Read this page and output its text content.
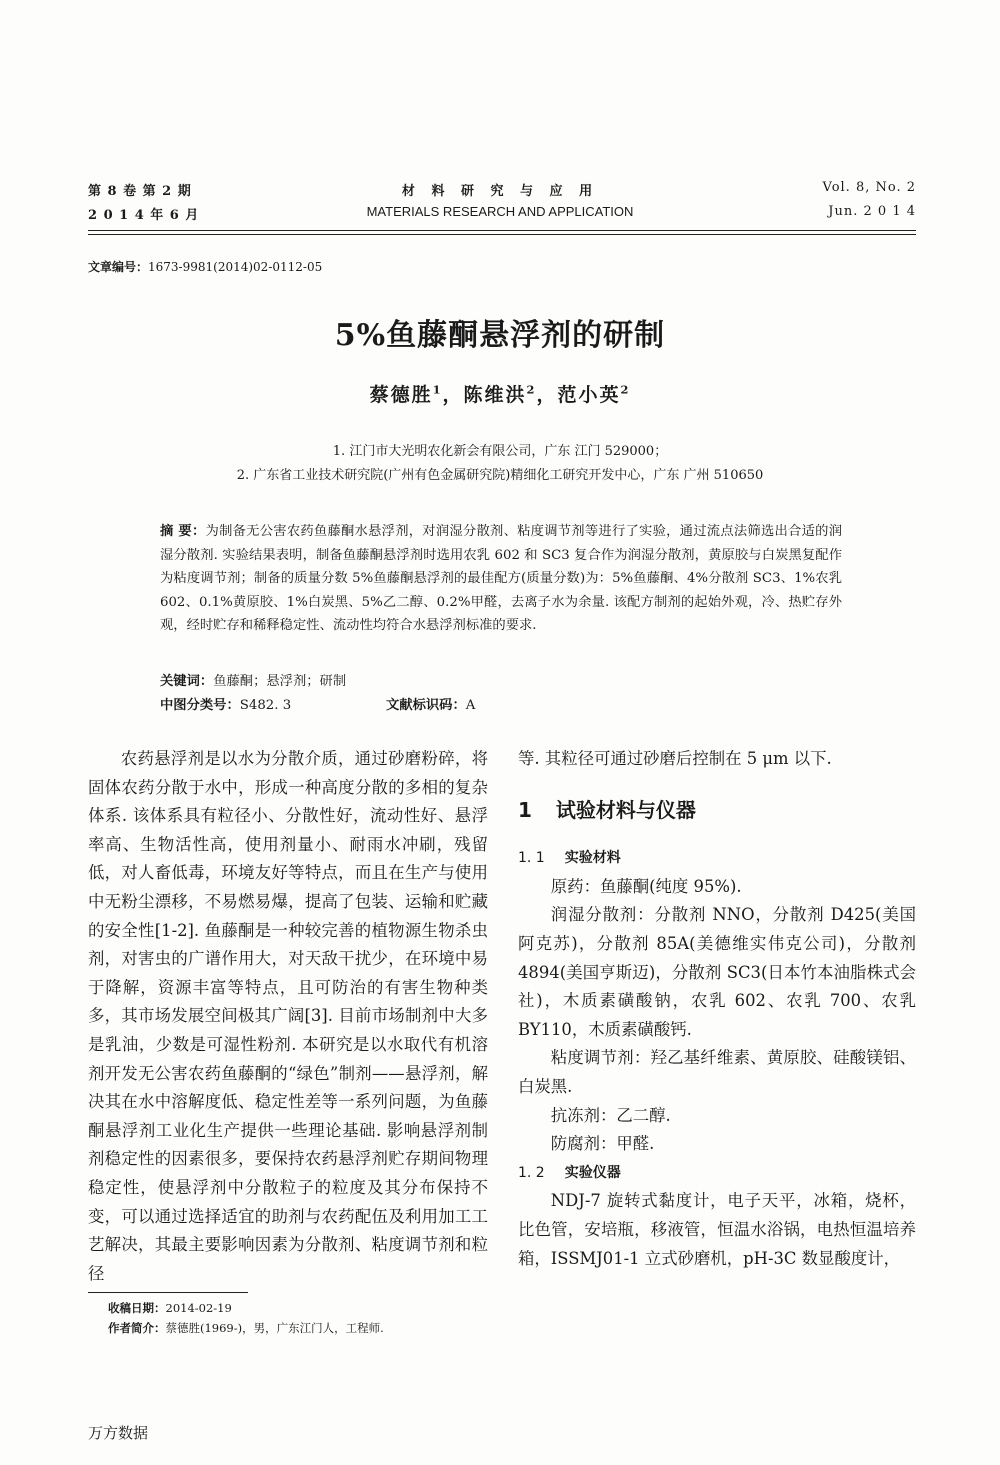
第 8 卷 第 2 期
2 0 1 4 年 6 月
材 料 研 究 与 应 用
MATERIALS RESEARCH AND APPLICATION
Vol. 8, No. 2
Jun. 2 0 1 4
文章编号：1673-9981(2014)02-0112-05
5%鱼藤酮悬浮剂的研制
蔡德胜$^1$，陈维洪$^2$，范小英$^2$
1. 江门市大光明农化新会有限公司，广东 江门 529000；
2. 广东省工业技术研究院(广州有色金属研究院)精细化工研究开发中心，广东 广州 510650
摘 要：为制备无公害农药鱼藤酮水悬浮剂，对润湿分散剂、粘度调节剂等进行了实验，通过流点法筛选出合适的润湿分散剂. 实验结果表明，制备鱼藤酮悬浮剂时选用农乳 602 和 SC3 复合作为润湿分散剂，黄原胶与白炭黑复配作为粘度调节剂；制备的质量分数 5%鱼藤酮悬浮剂的最佳配方(质量分数)为：5%鱼藤酮、4%分散剂 SC3、1%农乳 602、0.1%黄原胶、1%白炭黑、5%乙二醇、0.2%甲醛，去离子水为余量. 该配方制剂的起始外观，冷、热贮存外观，经时贮存和稀释稳定性、流动性均符合水悬浮剂标准的要求.
关键词：鱼藤酮；悬浮剂；研制
中图分类号：S482. 3	文献标识码：A

农药悬浮剂是以水为分散介质，通过砂磨粉碎，将固体农药分散于水中，形成一种高度分散的多相的复杂体系. 该体系具有粒径小、分散性好，流动性好、悬浮率高、生物活性高，使用剂量小、耐雨水冲刷，残留低，对人畜低毒，环境友好等特点，而且在生产与使用中无粉尘漂移，不易燃易爆，提高了包装、运输和贮藏的安全性[1-2]. 鱼藤酮是一种较完善的植物源生物杀虫剂，对害虫的广谱作用大，对天敌干扰少，在环境中易于降解，资源丰富等特点，且可防治的有害生物种类多，其市场发展空间极其广阔[3]. 目前市场制剂中大多是乳油，少数是可湿性粉剂. 本研究是以水取代有机溶剂开发无公害农药鱼藤酮的“绿色”制剂——悬浮剂，解决其在水中溶解度低、稳定性差等一系列问题，为鱼藤酮悬浮剂工业化生产提供一些理论基础. 影响悬浮剂制剂稳定性的因素很多，要保持农药悬浮剂贮存期间物理稳定性，使悬浮剂中分散粒子的粒度及其分布保持不变，可以通过选择适宜的助剂与农药配伍及利用加工工艺解决，其最主要影响因素为分散剂、粘度调节剂和粒径

等. 其粒径可通过砂磨后控制在 5 μm 以下.
1 试验材料与仪器
1. 1 实验材料

原药：鱼藤酮(纯度 95%).

润湿分散剂：分散剂 NNO，分散剂 D425(美国阿克苏)，分散剂 85A(美德维实伟克公司)，分散剂 4894(美国亨斯迈)，分散剂 SC3(日本竹本油脂株式会社)，木质素磺酸钠，农乳 602、农乳 700、农乳 BY110，木质素磺酸钙.

粘度调节剂：羟乙基纤维素、黄原胶、硅酸镁铝、白炭黑.

抗冻剂：乙二醇.

防腐剂：甲醛.

1. 2 实验仪器

NDJ-7 旋转式黏度计，电子天平，冰箱，烧杯，比色管，安培瓶，移液管，恒温水浴锅，电热恒温培养箱，ISSMJ01-1 立式砂磨机，pH-3C 数显酸度计，

收稿日期：2014-02-19
作者简介：蔡德胜(1969-)，男，广东江门人，工程师.
万方数据
